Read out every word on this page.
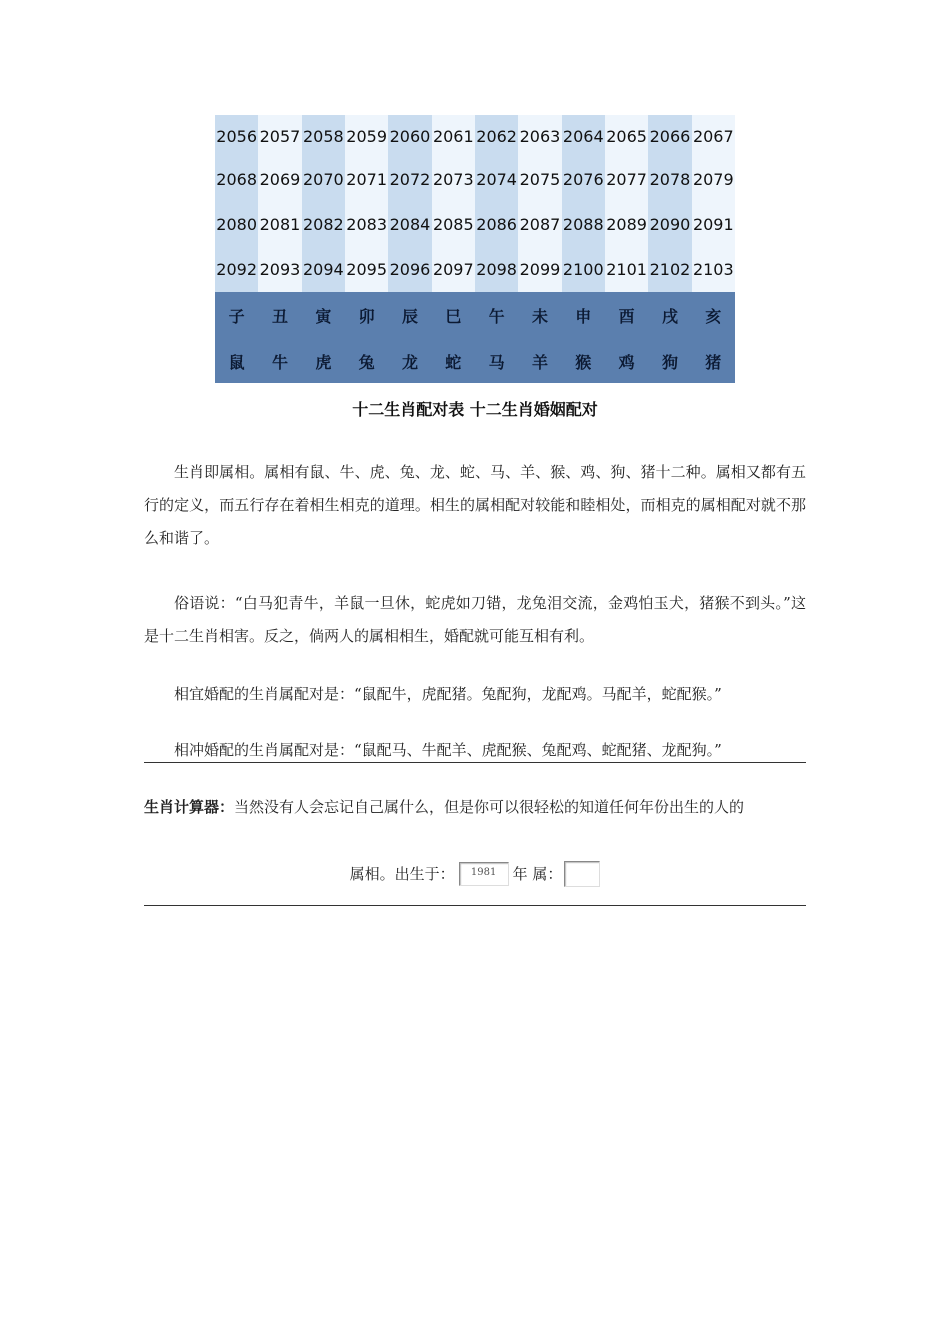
2056	2057	2058	2059	2060	2061	2062	2063	2064	2065	2066	2067
2068	2069	2070	2071	2072	2073	2074	2075	2076	2077	2078	2079
2080	2081	2082	2083	2084	2085	2086	2087	2088	2089	2090	2091
2092	2093	2094	2095	2096	2097	2098	2099	2100	2101	2102	2103
子	丑	寅	卯	辰	巳	午	未	申	酉	戌	亥
鼠	牛	虎	兔	龙	蛇	马	羊	猴	鸡	狗	猪
十二生肖配对表 十二生肖婚姻配对

生肖即属相。属相有鼠、牛、虎、兔、龙、蛇、马、羊、猴、鸡、狗、猪十二种。属相又都有五行的定义，而五行存在着相生相克的道理。相生的属相配对较能和睦相处，而相克的属相配对就不那么和谐了。

俗语说：“白马犯青牛，羊鼠一旦休，蛇虎如刀错，龙兔泪交流，金鸡怕玉犬，猪猴不到头。”这是十二生肖相害。反之，倘两人的属相相生，婚配就可能互相有利。

相宜婚配的生肖属配对是：“鼠配牛，虎配猪。兔配狗，龙配鸡。马配羊，蛇配猴。”

相冲婚配的生肖属配对是：“鼠配马、牛配羊、虎配猴、兔配鸡、蛇配猪、龙配狗。”

生肖计算器：当然没有人会忘记自己属什么，但是你可以很轻松的知道任何年份出生的人的

属相。出生于： 1981 年 属：
